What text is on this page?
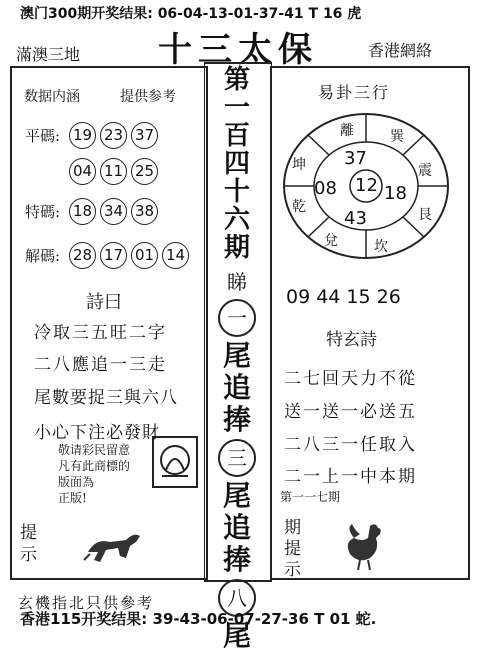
澳门300期开奖结果: 06-04-13-01-37-41 T 16 虎
滿澳三地 十三太保	香港網絡
数据内涵	提供参考
平碼: 19 23 37
04 11 25
特碼: 18 34 38
解碼: 28 17 01 14
詩曰
冷取三五旺二字
二八應追一三走
尾數要捉三與六八
小心下注必發財
敬请彩民留意
凡有此商標的
版面為
正版!
提示
第
一
百
四
十
六
期
睇
一
尾
追
捧
三
尾
追
捧
八
尾
易卦三行
離	巽
震
艮
坎
兌
乾
坤 37
08 12 18
43
09 44 15 26
特玄詩
二七回天力不從
送一送一必送五
二八三一任取入
二一上一中本期
第一一七期
期
提
示
玄機指北只供參考
香港115开奖结果: 39-43-06-07-27-36 T 01 蛇.
